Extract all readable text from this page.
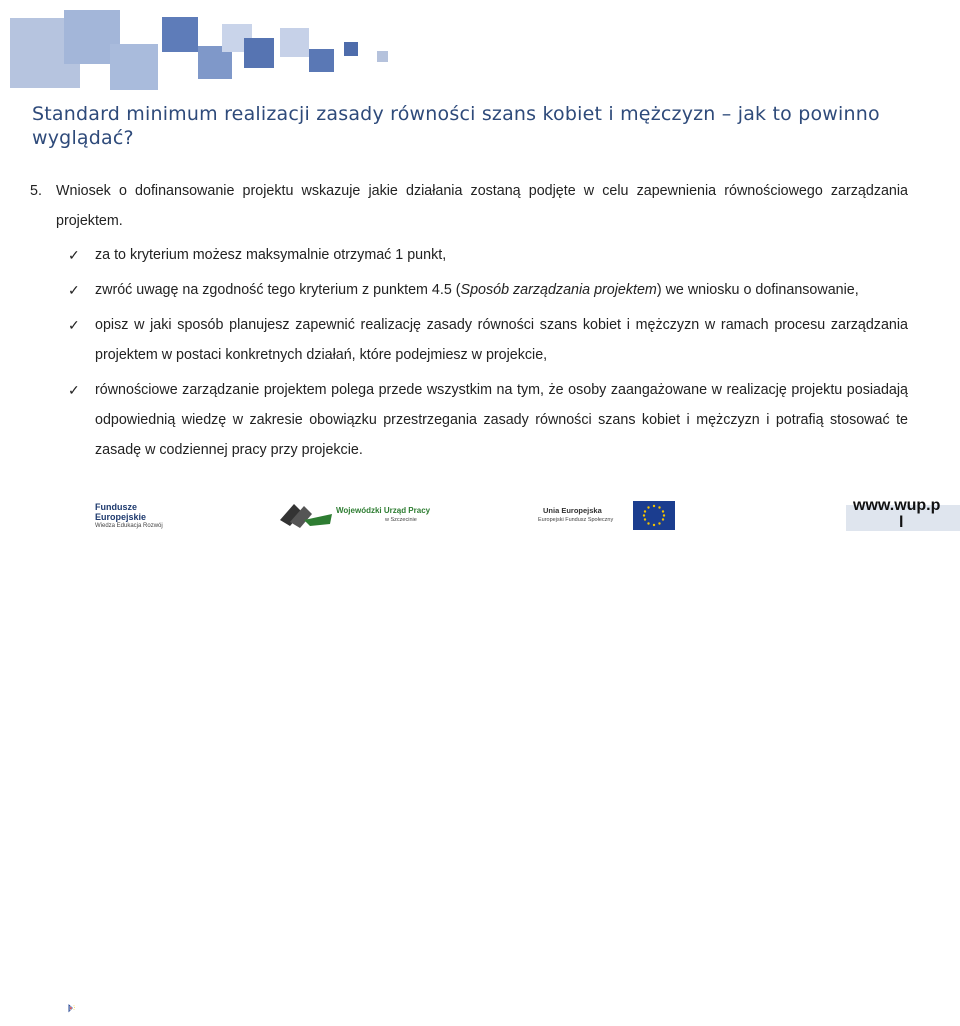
Standard minimum realizacji zasady równości szans kobiet i mężczyzn – jak to powinno wyglądać?
5. Wniosek o dofinansowanie projektu wskazuje jakie działania zostaną podjęte w celu zapewnienia równościowego zarządzania projektem.
✓ za to kryterium możesz maksymalnie otrzymać 1 punkt,
✓ zwróć uwagę na zgodność tego kryterium z punktem 4.5 (Sposób zarządzania projektem) we wniosku o dofinansowanie,
✓ opisz w jaki sposób planujesz zapewnić realizację zasady równości szans kobiet i mężczyzn w ramach procesu zarządzania projektem w postaci konkretnych działań, które podejmiesz w projekcie,
✓ równościowe zarządzanie projektem polega przede wszystkim na tym, że osoby zaangażowane w realizację projektu posiadają odpowiednią wiedzę w zakresie obowiązku przestrzegania zasady równości szans kobiet i mężczyzn i potrafią stosować te zasadę w codziennej pracy przy projekcie.
Fundusze
Europejskie
Wiedza Edukacja Rozwój
Wojewódzki Urząd Pracy
w Szczecinie
Unia Europejska
Europejski Fundusz Społeczny
www.wup.p
l
